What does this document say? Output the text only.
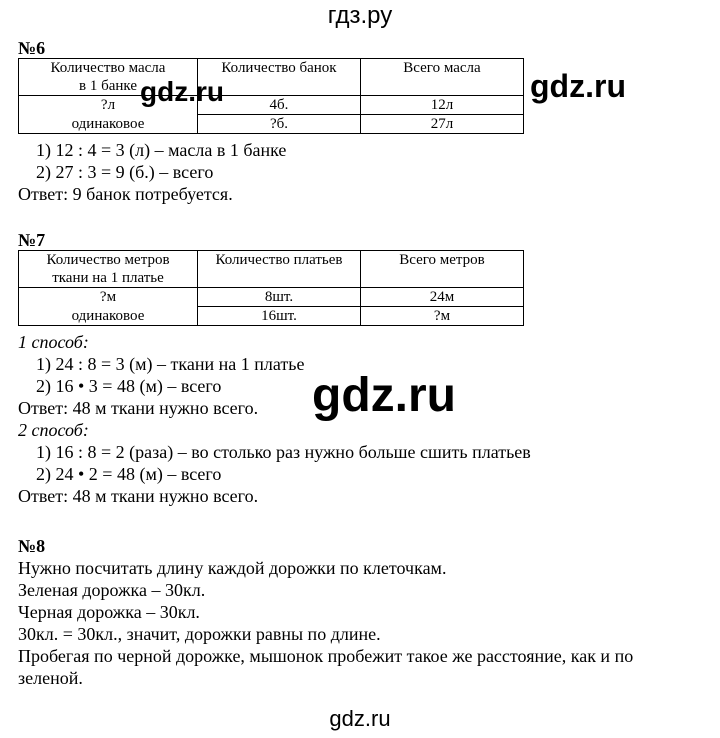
гдз.ру
№6
Количество масла
в 1 банке	Количество банок	Всего масла
?л	4б.	12л
одинаковое	?б.	27л
1) 12 : 4 = 3 (л) – масла в 1 банке
2) 27 : 3 = 9 (б.) – всего
Ответ: 9 банок потребуется.
№7
Количество метров
ткани на 1 платье	Количество платьев	Всего метров
?м	8шт.	24м
одинаковое	16шт.	?м
1 способ:
1) 24 : 8 = 3 (м) – ткани на 1 платье
2) 16 • 3 = 48 (м) – всего
Ответ: 48 м ткани нужно всего.
2 способ:
1) 16 : 8 = 2 (раза) – во столько раз нужно больше сшить платьев
2) 24 • 2 = 48 (м) – всего
Ответ: 48 м ткани нужно всего.
№8
Нужно посчитать длину каждой дорожки по клеточкам.
Зеленая дорожка – 30кл.
Черная дорожка – 30кл.
30кл. = 30кл., значит, дорожки равны по длине.
Пробегая по черной дорожке, мышонок пробежит такое же расстояние, как и по
зеленой.
gdz.ru	gdz.ru
gdz.ru
gdz.ru
